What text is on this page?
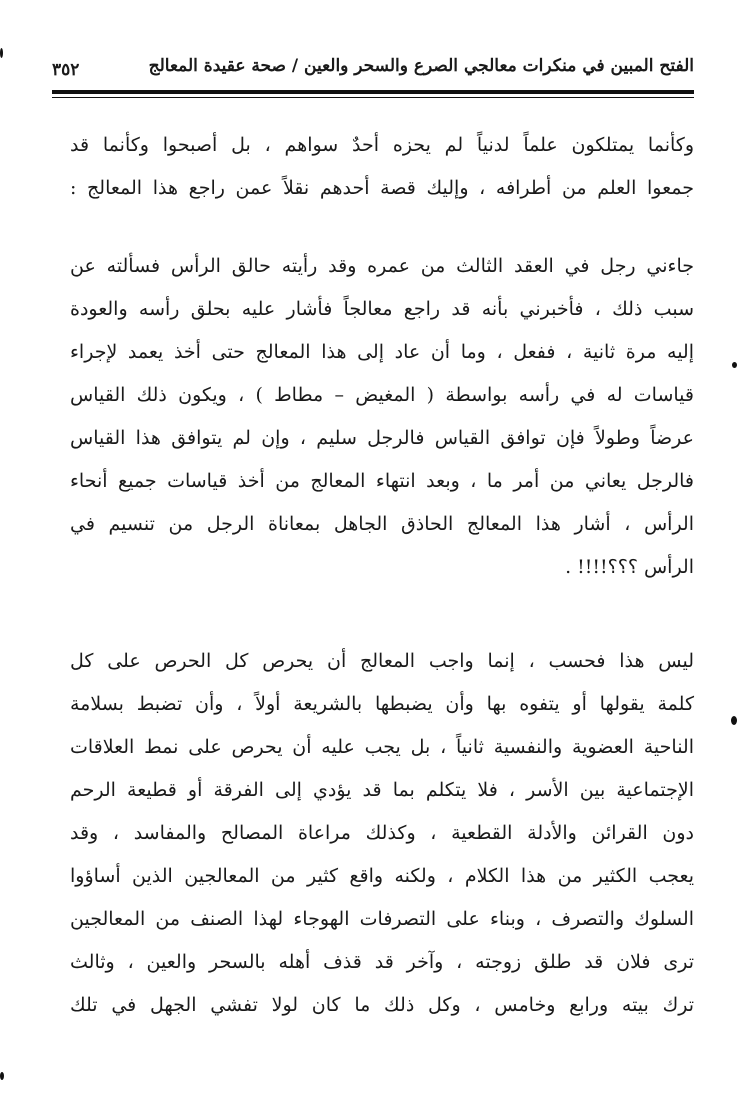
الفتح المبين في منكرات معالجي الصرع والسحر والعين / صحة عقيدة المعالج
٣٥٢
وكأنما يمتلكون علماً لدنياً لم يحزه أحدٌ سواهم ، بل أصبحوا وكأنما قد
جمعوا العلم من أطرافه ، وإليك قصة أحدهم نقلاً عمن راجع هذا المعالج :
جاءني رجل في العقد الثالث من عمره وقد رأيته حالق الرأس فسألته عن
سبب ذلك ، فأخبرني بأنه قد راجع معالجاً فأشار عليه بحلق رأسه والعودة
إليه مرة ثانية ، ففعل ، وما أن عاد إلى هذا المعالج حتى أخذ يعمد لإجراء
قياسات له في رأسه بواسطة ( المغيض – مطاط ) ، ويكون ذلك القياس
عرضاً وطولاً فإن توافق القياس فالرجل سليم ، وإن لم يتوافق هذا القياس
فالرجل يعاني من أمر ما ، وبعد انتهاء المعالج من أخذ قياسات جميع أنحاء
الرأس ، أشار هذا المعالج الحاذق الجاهل بمعاناة الرجل من تنسيم في
الرأس ؟؟؟!!!! .
ليس هذا فحسب ، إنما واجب المعالج أن يحرص كل الحرص على كل
كلمة يقولها أو يتفوه بها وأن يضبطها بالشريعة أولاً ، وأن تضبط بسلامة
الناحية العضوية والنفسية ثانياً ، بل يجب عليه أن يحرص على نمط العلاقات
الإجتماعية بين الأسر ، فلا يتكلم بما قد يؤدي إلى الفرقة أو قطيعة الرحم
دون القرائن والأدلة القطعية ، وكذلك مراعاة المصالح والمفاسد ، وقد
يعجب الكثير من هذا الكلام ، ولكنه واقع كثير من المعالجين الذين أساؤوا
السلوك والتصرف ، وبناء على التصرفات الهوجاء لهذا الصنف من المعالجين
ترى فلان قد طلق زوجته ، وآخر قد قذف أهله بالسحر والعين ، وثالث
ترك بيته ورابع وخامس ، وكل ذلك ما كان لولا تفشي الجهل في تلك
